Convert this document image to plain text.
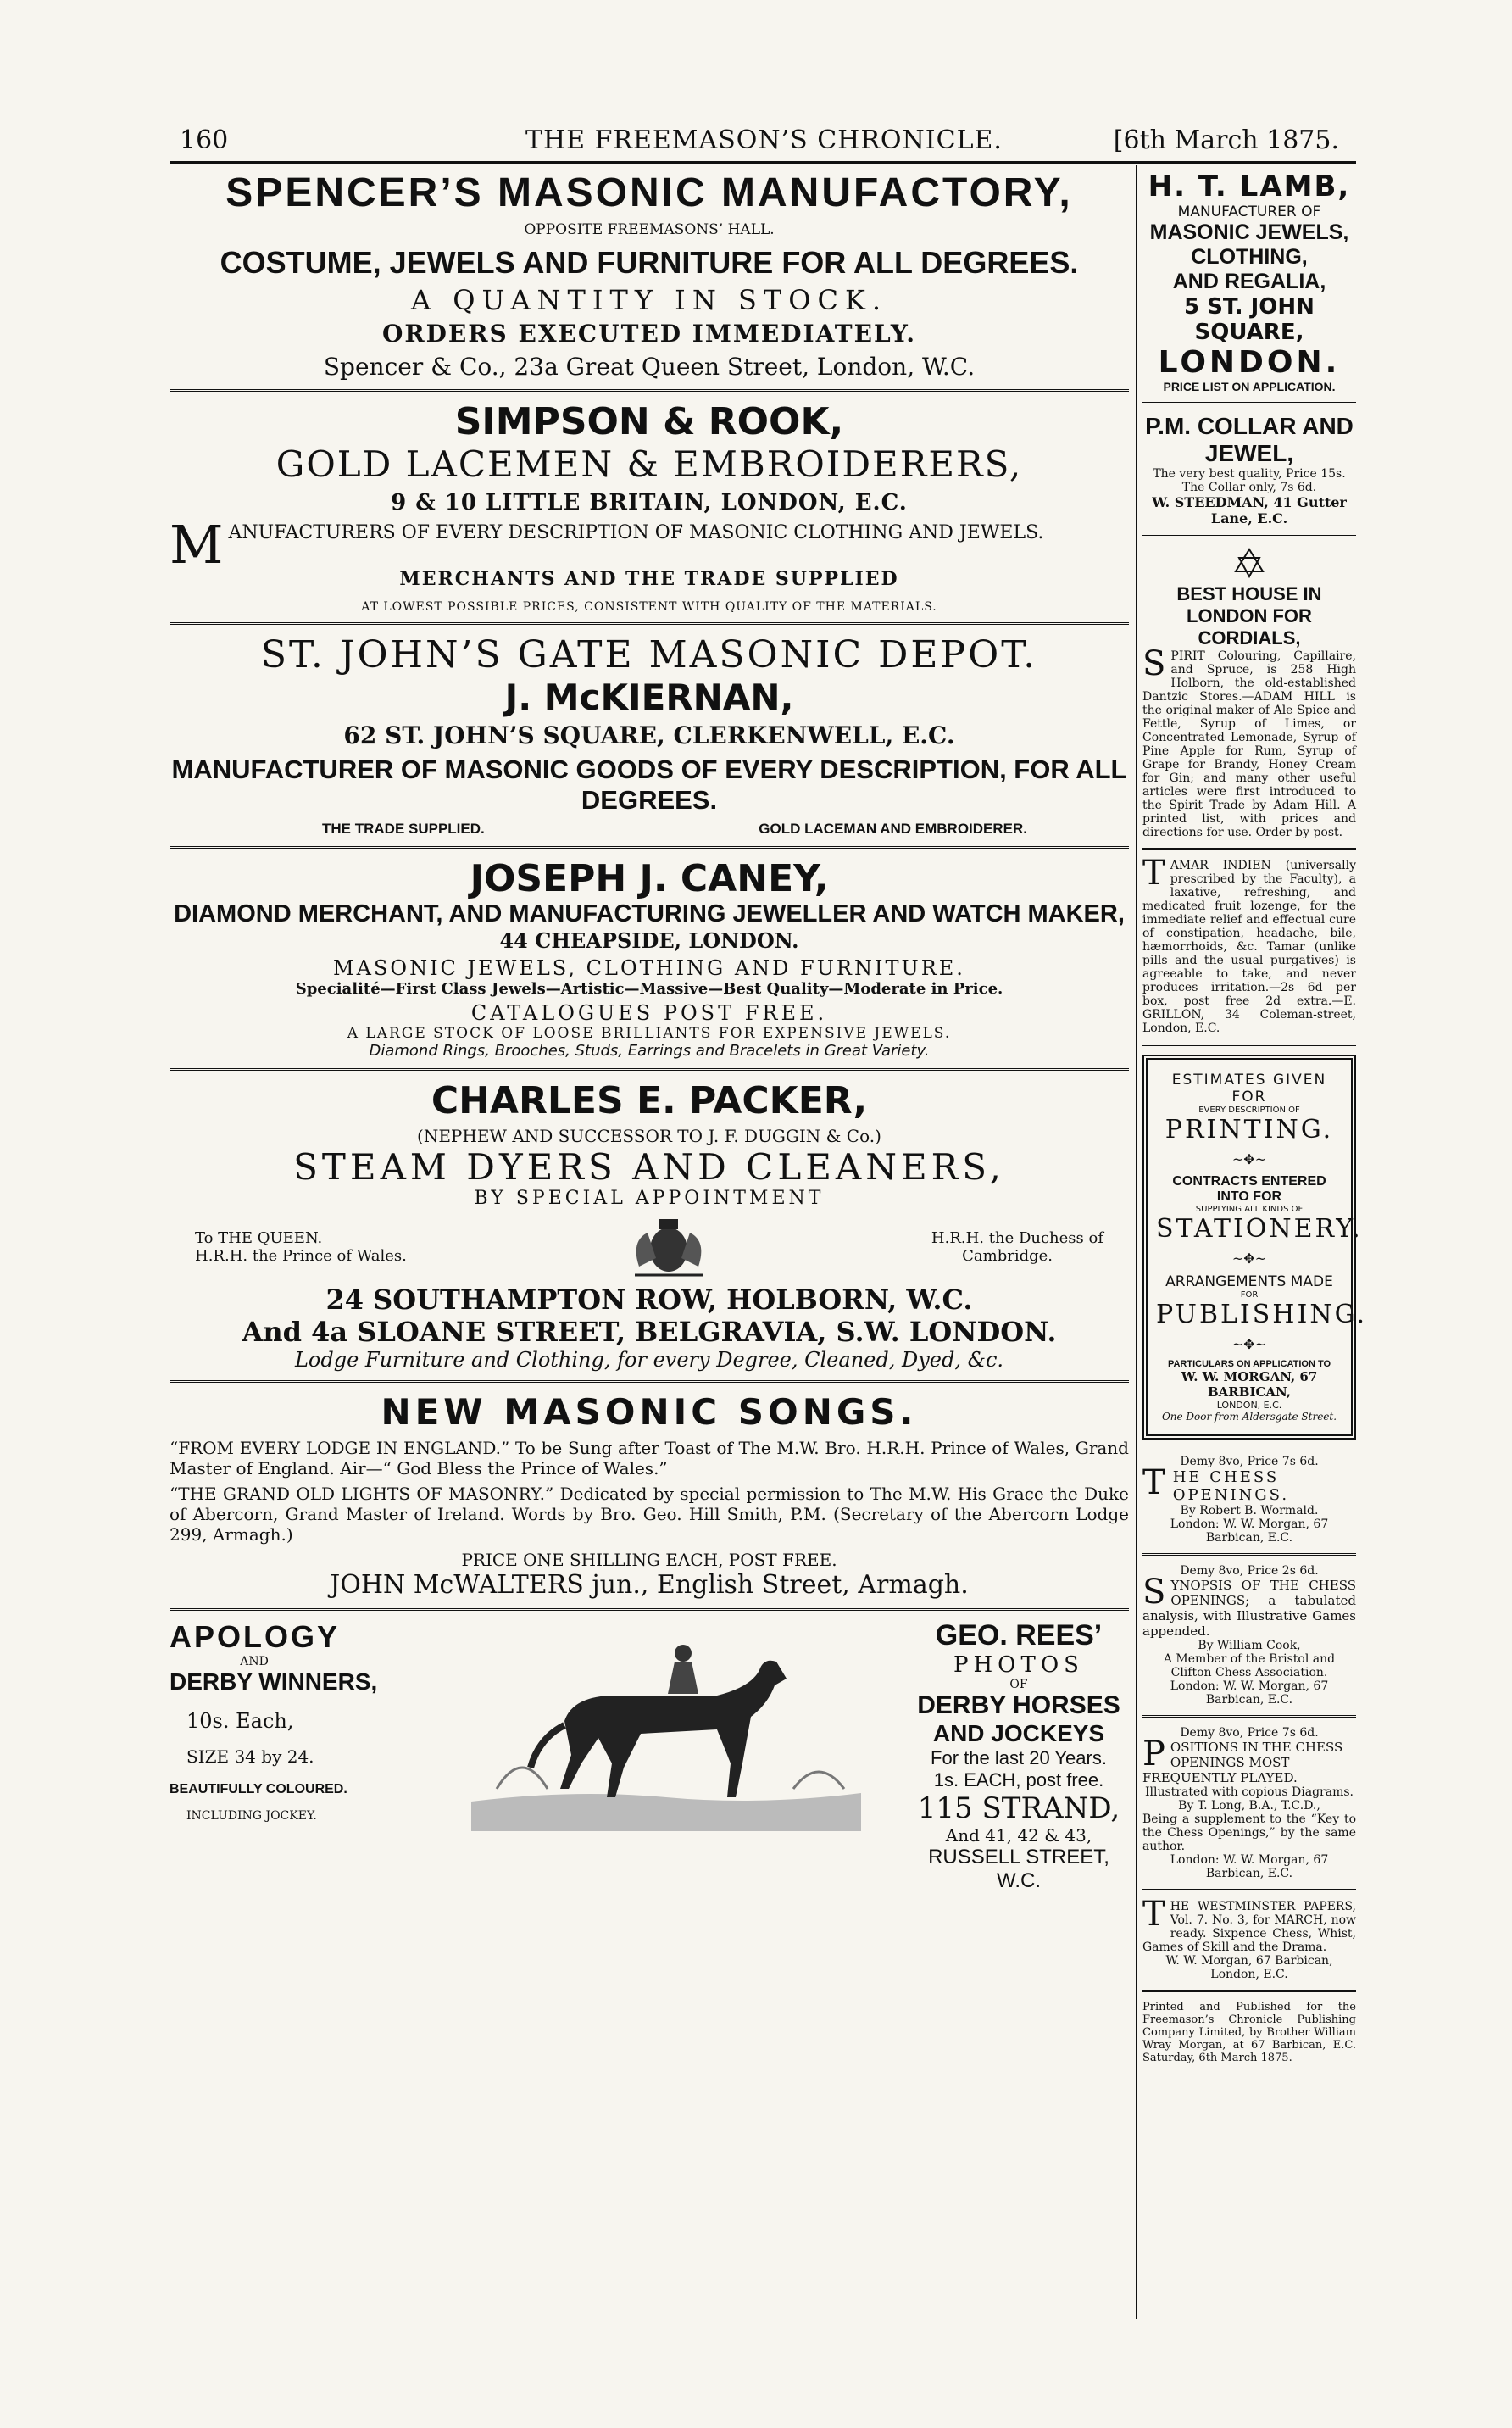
160	THE FREEMASON’S CHRONICLE.	[6th March 1875.
SPENCER’S MASONIC MANUFACTORY,
OPPOSITE FREEMASONS’ HALL.
COSTUME, JEWELS AND FURNITURE FOR ALL DEGREES.
A QUANTITY IN STOCK.
ORDERS EXECUTED IMMEDIATELY.
Spencer & Co., 23a Great Queen Street, London, W.C.
SIMPSON & ROOK,
GOLD LACEMEN & EMBROIDERERS,
9 & 10 LITTLE BRITAIN, LONDON, E.C.
M ANUFACTURERS OF EVERY DESCRIPTION OF MASONIC CLOTHING AND JEWELS.
MERCHANTS AND THE TRADE SUPPLIED
AT LOWEST POSSIBLE PRICES, CONSISTENT WITH QUALITY OF THE MATERIALS.
ST. JOHN’S GATE MASONIC DEPOT.
J. McKIERNAN,
62 ST. JOHN’S SQUARE, CLERKENWELL, E.C.
MANUFACTURER OF MASONIC GOODS OF EVERY DESCRIPTION, FOR ALL DEGREES.
THE TRADE SUPPLIED.	GOLD LACEMAN AND EMBROIDERER.
JOSEPH J. CANEY,
DIAMOND MERCHANT, AND MANUFACTURING JEWELLER AND WATCH MAKER,
44 CHEAPSIDE, LONDON.
MASONIC JEWELS, CLOTHING AND FURNITURE.
Specialité—First Class Jewels—Artistic—Massive—Best Quality—Moderate in Price.
CATALOGUES POST FREE.
A LARGE STOCK OF LOOSE BRILLIANTS FOR EXPENSIVE JEWELS.
Diamond Rings, Brooches, Studs, Earrings and Bracelets in Great Variety.
CHARLES E. PACKER,
(NEPHEW AND SUCCESSOR TO J. F. DUGGIN & Co.)
STEAM DYERS AND CLEANERS,
BY SPECIAL APPOINTMENT
To THE QUEEN.
H.R.H. the Prince of Wales.
H.R.H. the Duchess of
Cambridge.
24 SOUTHAMPTON ROW, HOLBORN, W.C.
And 4a SLOANE STREET, BELGRAVIA, S.W. LONDON.
Lodge Furniture and Clothing, for every Degree, Cleaned, Dyed, &c.
NEW MASONIC SONGS.

“FROM EVERY LODGE IN ENGLAND.” To be Sung after Toast of The M.W. Bro. H.R.H. Prince of Wales, Grand Master of England. Air—“ God Bless the Prince of Wales.”

“THE GRAND OLD LIGHTS OF MASONRY.” Dedicated by special permission to The M.W. His Grace the Duke of Abercorn, Grand Master of Ireland. Words by Bro. Geo. Hill Smith, P.M. (Secretary of the Abercorn Lodge 299, Armagh.)

PRICE ONE SHILLING EACH, POST FREE.
JOHN McWALTERS jun., English Street, Armagh.
APOLOGY
AND
DERBY WINNERS,
10s. Each,
SIZE 34 by 24.
BEAUTIFULLY COLOURED.
INCLUDING JOCKEY.
GEO. REES’
PHOTOS
OF
DERBY HORSES
AND JOCKEYS
For the last 20 Years.
1s. EACH, post free.
115 STRAND,
And 41, 42 & 43,
RUSSELL STREET, W.C.
H. T. LAMB,
MANUFACTURER OF
MASONIC JEWELS, CLOTHING,
AND REGALIA,
5 ST. JOHN SQUARE,
LONDON.
PRICE LIST ON APPLICATION.
P.M. COLLAR AND JEWEL,
The very best quality, Price 15s.
The Collar only, 7s 6d.
W. STEEDMAN, 41 Gutter Lane, E.C.
BEST HOUSE IN LONDON FOR CORDIALS,

S PIRIT Colouring, Capillaire, and Spruce, is 258 High Holborn, the old-established Dantzic Stores.—ADAM HILL is the original maker of Ale Spice and Fettle, Syrup of Limes, or Concentrated Lemonade, Syrup of Pine Apple for Rum, Syrup of Grape for Brandy, Honey Cream for Gin; and many other useful articles were first introduced to the Spirit Trade by Adam Hill. A printed list, with prices and directions for use. Order by post.

T AMAR INDIEN (universally prescribed by the Faculty), a laxative, refreshing, and medicated fruit lozenge, for the immediate relief and effectual cure of constipation, headache, bile, hæmorrhoids, &c. Tamar (unlike pills and the usual purgatives) is agreeable to take, and never produces irritation.—2s 6d per box, post free 2d extra.—E. GRILLON, 34 Coleman-street, London, E.C.

ESTIMATES GIVEN FOR
EVERY DESCRIPTION OF
PRINTING.
~✥~
CONTRACTS ENTERED INTO FOR
SUPPLYING ALL KINDS OF
STATIONERY.
~✥~
ARRANGEMENTS MADE
FOR
PUBLISHING.
~✥~
PARTICULARS ON APPLICATION TO
W. W. MORGAN, 67 BARBICAN,
LONDON, E.C.
One Door from Aldersgate Street.
Demy 8vo, Price 7s 6d.
T HE CHESS OPENINGS.
By Robert B. Wormald.
London: W. W. Morgan, 67 Barbican, E.C.
Demy 8vo, Price 2s 6d.

S YNOPSIS OF THE CHESS OPENINGS; a tabulated analysis, with Illustrative Games appended.

By William Cook,
A Member of the Bristol and Clifton Chess Association.
London: W. W. Morgan, 67 Barbican, E.C.
Demy 8vo, Price 7s 6d.

P OSITIONS IN THE CHESS OPENINGS MOST FREQUENTLY PLAYED.

Illustrated with copious Diagrams.
By T. Long, B.A., T.C.D.,

Being a supplement to the “Key to the Chess Openings,” by the same author.

London: W. W. Morgan, 67 Barbican, E.C.

T HE WESTMINSTER PAPERS, Vol. 7. No. 3, for MARCH, now ready. Sixpence Chess, Whist, Games of Skill and the Drama.

W. W. Morgan, 67 Barbican, London, E.C.

Printed and Published for the Freemason’s Chronicle Publishing Company Limited, by Brother William Wray Morgan, at 67 Barbican, E.C. Saturday, 6th March 1875.
